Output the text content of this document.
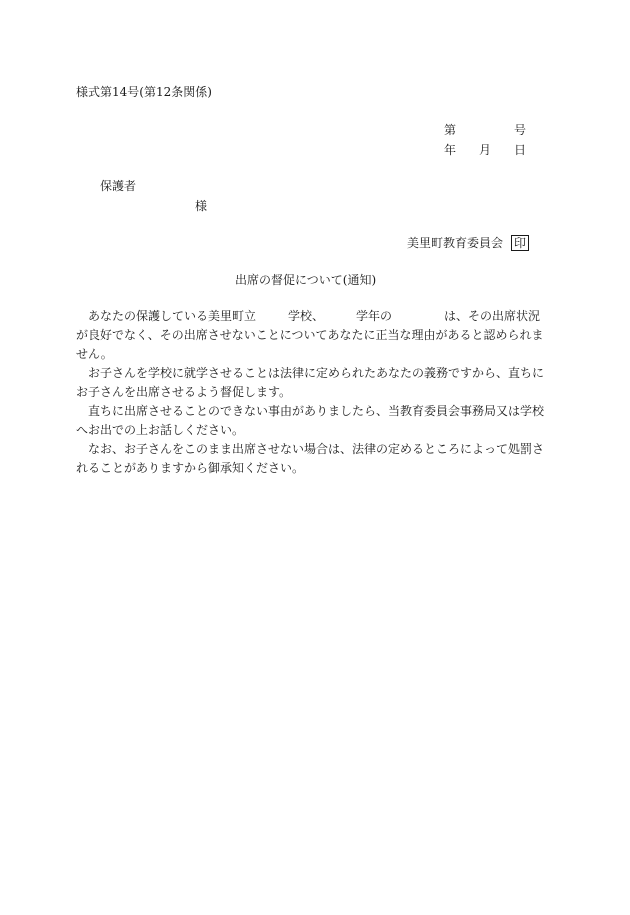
様式第14号(第12条関係)
第	号
年 月 日
保護者
様
美里町教育委員会 印
出席の督促について(通知)
あなたの保護している美里町立	学校、	学年の	は、その出席状況が良好でなく、その出席させないことについてあなたに正当な理由があると認められません。
お子さんを学校に就学させることは法律に定められたあなたの義務ですから、直ちにお子さんを出席させるよう督促します。
直ちに出席させることのできない事由がありましたら、当教育委員会事務局又は学校へお出での上お話しください。
なお、お子さんをこのまま出席させない場合は、法律の定めるところによって処罰されることがありますから御承知ください。
